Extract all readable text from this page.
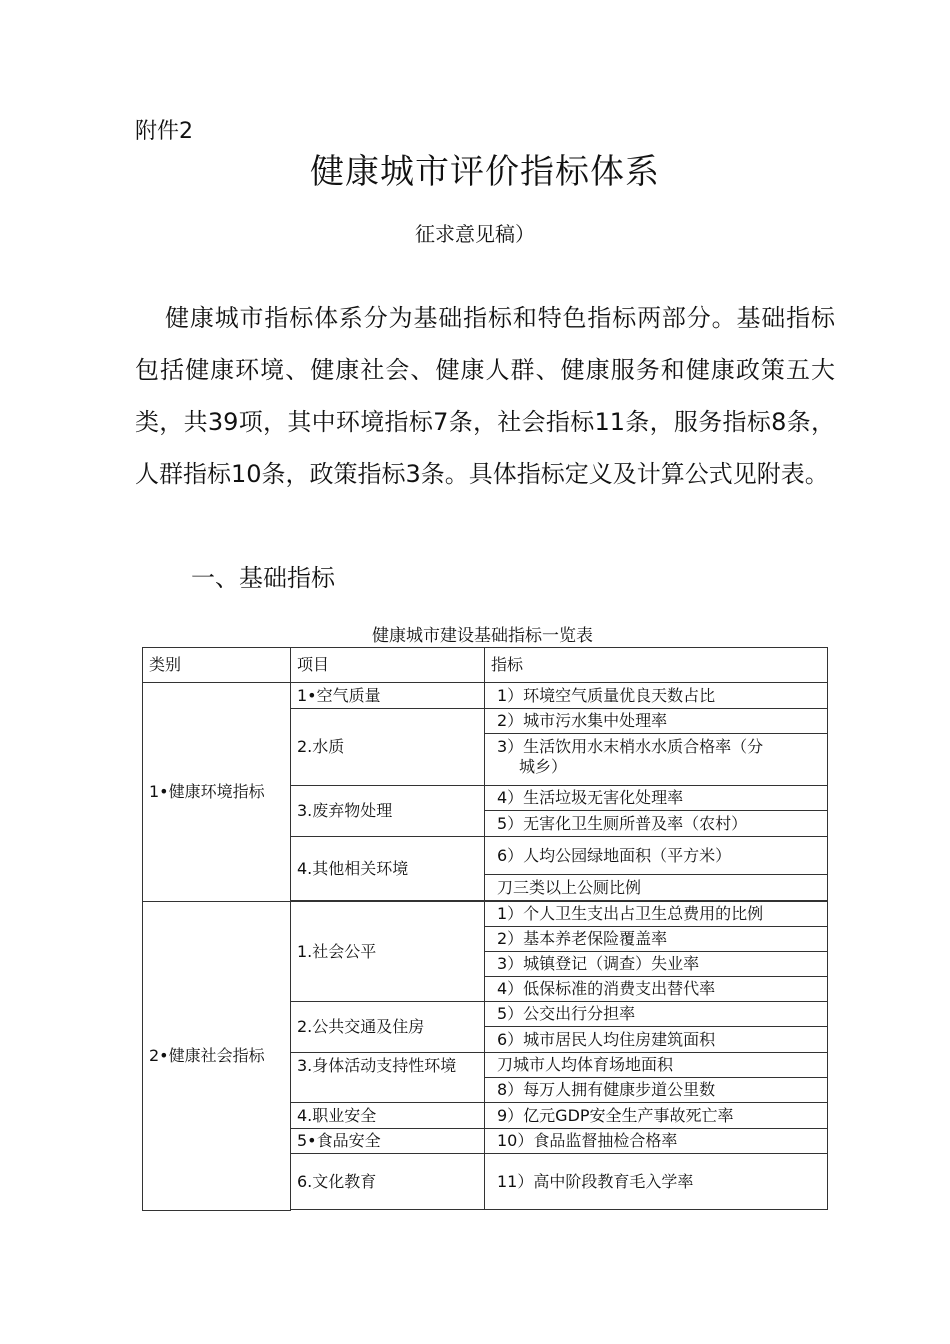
附件2
健康城市评价指标体系
征求意见稿）

健康城市指标体系分为基础指标和特色指标两部分。基础指标包括健康环境、健康社会、健康人群、健康服务和健康政策五大类，共39项，其中环境指标7条，社会指标11条，服务指标8条，人群指标10条，政策指标3条。具体指标定义及计算公式见附表。

一、基础指标
健康城市建设基础指标一览表
类别	项目	指标
1•健康环境指标	1•空气质量	1）环境空气质量优良天数占比
	2.水质	2）城市污水集中处理率

		3）生活饮用水末梢水水质合格率（分
城乡）

	3.废弃物处理	4）生活垃圾无害化处理率
		5）无害化卫生厕所普及率（农村）
	4.其他相关环境	6）人均公园绿地面积（平方米）
		刀三类以上公厕比例

2•健康社会指标	1.社会公平	1）个人卫生支出占卫生总费用的比例
		2）基本养老保险覆盖率
		3）城镇登记（调查）失业率
		4）低保标准的消费支出替代率
	2.公共交通及住房	5）公交出行分担率
		6）城市居民人均住房建筑面积
	3.身体活动支持性环境	刀城市人均体育场地面积
		8）每万人拥有健康步道公里数
	4.职业安全	9）亿元GDP安全生产事故死亡率
	5•食品安全	10）食品监督抽检合格率
	6.文化教育	11）高中阶段教育毛入学率
